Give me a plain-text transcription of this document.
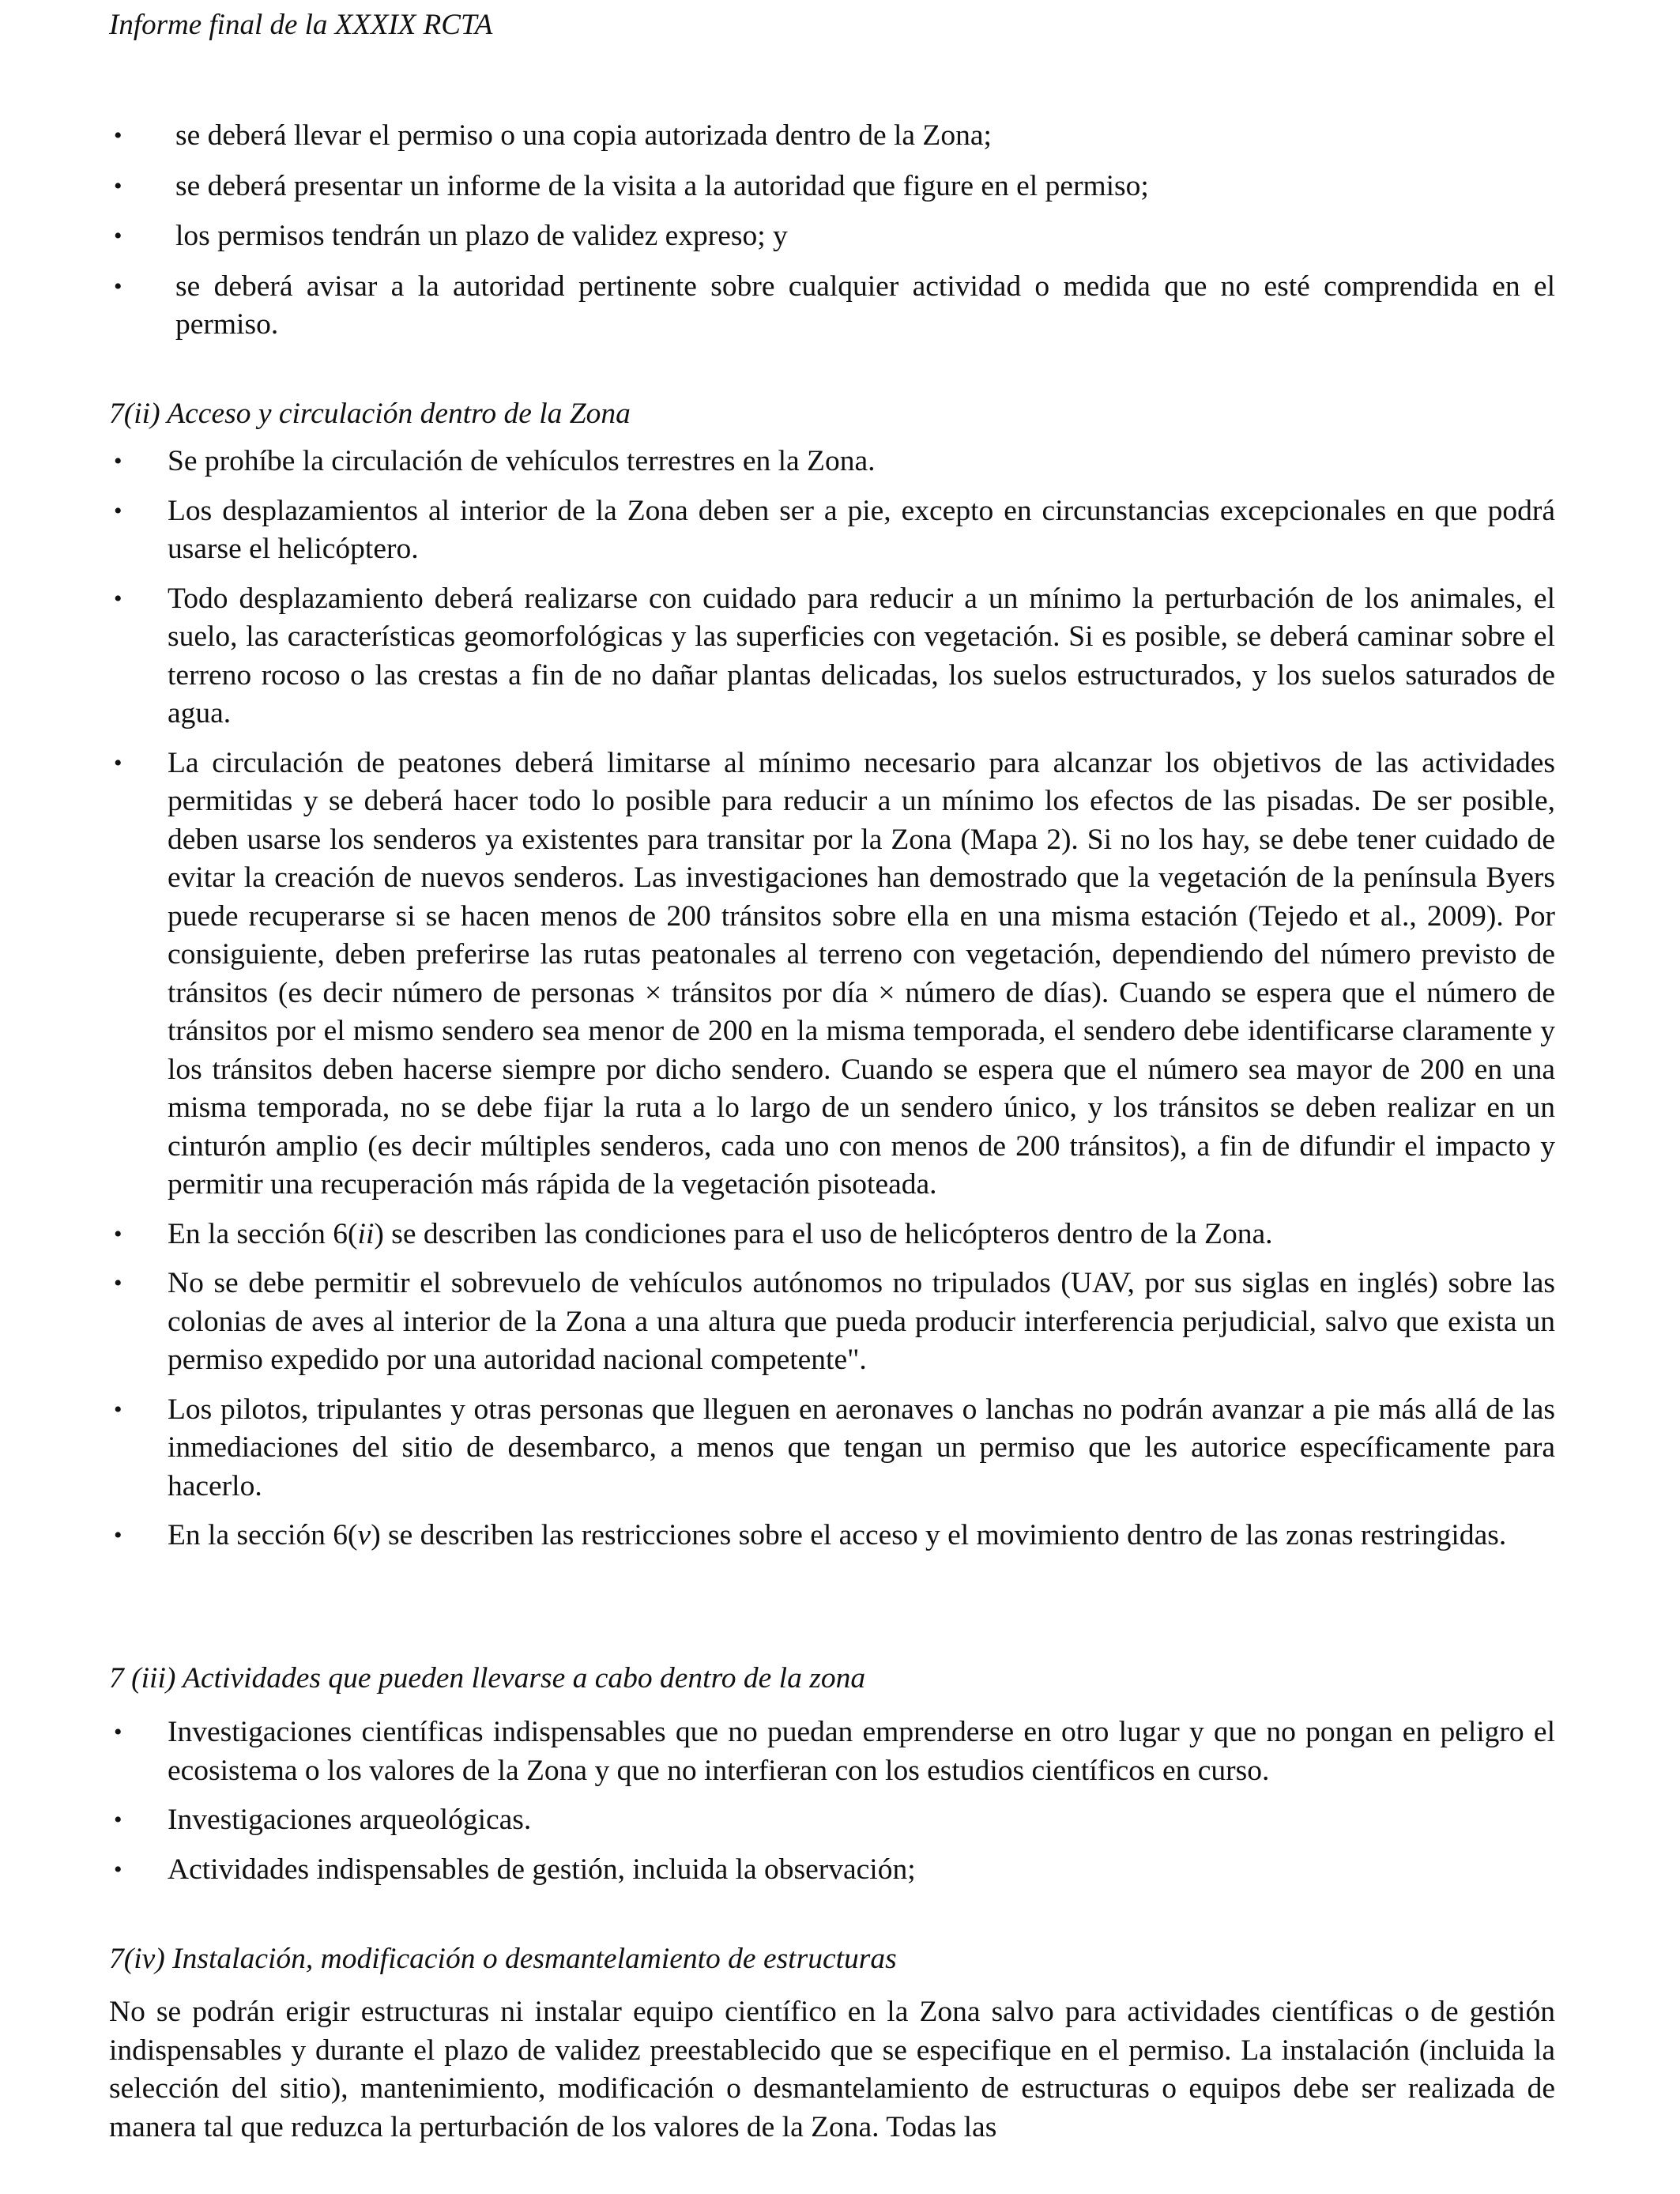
Informe final de la XXXIX RCTA
• se deberá llevar el permiso o una copia autorizada dentro de la Zona;
• se deberá presentar un informe de la visita a la autoridad que figure en el permiso;
• los permisos tendrán un plazo de validez expreso; y
• se deberá avisar a la autoridad pertinente sobre cualquier actividad o medida que no esté comprendida en el permiso.
7(ii) Acceso y circulación dentro de la Zona
• Se prohíbe la circulación de vehículos terrestres en la Zona.
• Los desplazamientos al interior de la Zona deben ser a pie, excepto en circunstancias excepcionales en que podrá usarse el helicóptero.
• Todo desplazamiento deberá realizarse con cuidado para reducir a un mínimo la perturbación de los animales, el suelo, las características geomorfológicas y las superficies con vegetación. Si es posible, se deberá caminar sobre el terreno rocoso o las crestas a fin de no dañar plantas delicadas, los suelos estructurados, y los suelos saturados de agua.
• La circulación de peatones deberá limitarse al mínimo necesario para alcanzar los objetivos de las actividades permitidas y se deberá hacer todo lo posible para reducir a un mínimo los efectos de las pisadas. De ser posible, deben usarse los senderos ya existentes para transitar por la Zona (Mapa 2). Si no los hay, se debe tener cuidado de evitar la creación de nuevos senderos. Las investigaciones han demostrado que la vegetación de la península Byers puede recuperarse si se hacen menos de 200 tránsitos sobre ella en una misma estación (Tejedo et al., 2009). Por consiguiente, deben preferirse las rutas peatonales al terreno con vegetación, dependiendo del número previsto de tránsitos (es decir número de personas × tránsitos por día × número de días). Cuando se espera que el número de tránsitos por el mismo sendero sea menor de 200 en la misma temporada, el sendero debe identificarse claramente y los tránsitos deben hacerse siempre por dicho sendero. Cuando se espera que el número sea mayor de 200 en una misma temporada, no se debe fijar la ruta a lo largo de un sendero único, y los tránsitos se deben realizar en un cinturón amplio (es decir múltiples senderos, cada uno con menos de 200 tránsitos), a fin de difundir el impacto y permitir una recuperación más rápida de la vegetación pisoteada.
• En la sección 6(ii) se describen las condiciones para el uso de helicópteros dentro de la Zona.
• No se debe permitir el sobrevuelo de vehículos autónomos no tripulados (UAV, por sus siglas en inglés) sobre las colonias de aves al interior de la Zona a una altura que pueda producir interferencia perjudicial, salvo que exista un permiso expedido por una autoridad nacional competente".
• Los pilotos, tripulantes y otras personas que lleguen en aeronaves o lanchas no podrán avanzar a pie más allá de las inmediaciones del sitio de desembarco, a menos que tengan un permiso que les autorice específicamente para hacerlo.
• En la sección 6(v) se describen las restricciones sobre el acceso y el movimiento dentro de las zonas restringidas.
7 (iii) Actividades que pueden llevarse a cabo dentro de la zona
• Investigaciones científicas indispensables que no puedan emprenderse en otro lugar y que no pongan en peligro el ecosistema o los valores de la Zona y que no interfieran con los estudios científicos en curso.
• Investigaciones arqueológicas.
• Actividades indispensables de gestión, incluida la observación;
7(iv) Instalación, modificación o desmantelamiento de estructuras

No se podrán erigir estructuras ni instalar equipo científico en la Zona salvo para actividades científicas o de gestión indispensables y durante el plazo de validez preestablecido que se especifique en el permiso. La instalación (incluida la selección del sitio), mantenimiento, modificación o desmantelamiento de estructuras o equipos debe ser realizada de manera tal que reduzca la perturbación de los valores de la Zona. Todas las
